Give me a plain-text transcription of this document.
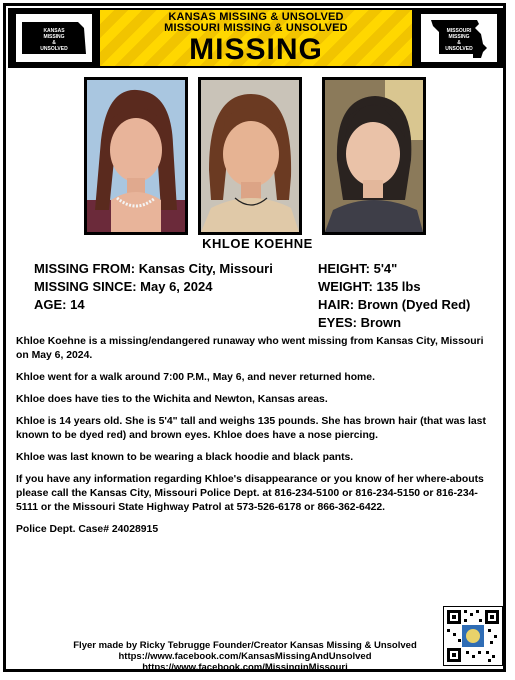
KANSAS
MISSING
&
UNSOLVED
KANSAS MISSING & UNSOLVED
MISSOURI MISSING & UNSOLVED
MISSING
MISSOURI
MISSING
&
UNSOLVED
KHLOE KOEHNE
MISSING FROM: Kansas City, Missouri
MISSING SINCE: May 6, 2024
AGE: 14
HEIGHT: 5'4"
WEIGHT: 135 lbs
HAIR: Brown (Dyed Red)
EYES: Brown

Khloe Koehne is a missing/endangered runaway who went missing from Kansas City, Missouri on May 6, 2024.

Khloe went for a walk around 7:00 P.M., May 6, and never returned home.

Khloe does have ties to the Wichita and Newton, Kansas areas.

Khloe is 14 years old. She is 5'4" tall and weighs 135 pounds. She has brown hair (that was last known to be dyed red) and brown eyes. Khloe does have a nose piercing.

Khloe was last known to be wearing a black hoodie and black pants.

If you have any information regarding Khloe's disappearance or you know of her where-abouts please call the Kansas City, Missouri Police Dept. at 816-234-5100 or 816-234-5150 or 816-234-5111 or the Missouri State Highway Patrol at 573-526-6178 or 866-362-6422.

Police Dept. Case# 24028915

Flyer made by Ricky Tebrugge Founder/Creator Kansas Missing & Unsolved
https://www.facebook.com/KansasMissingAndUnsolved
https://www.facebook.com/MissinginMissouri
